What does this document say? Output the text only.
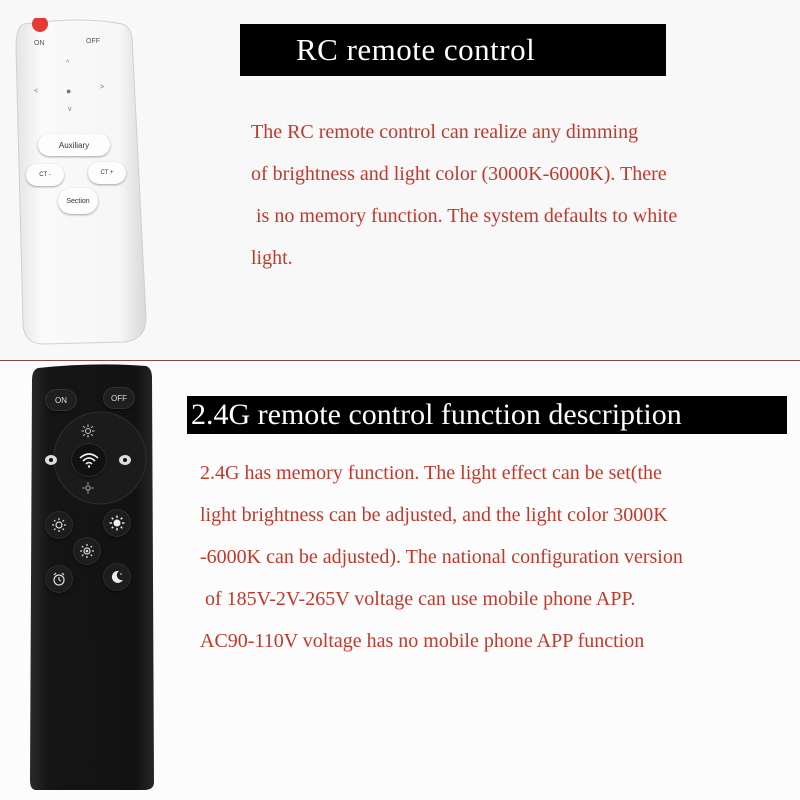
ON	OFF
^
<
>
●
v
Auxiliary
CT -	CT +
Section
RC remote control

The RC remote control can realize any dimming
of brightness and light color (3000K-6000K). There
is no memory function. The system defaults to white
light.

ON	OFF 2.4G remote control function description

2.4G has memory function. The light effect can be set(the
light brightness can be adjusted, and the light color 3000K
-6000K can be adjusted). The national configuration version
of 185V-2V-265V voltage can use mobile phone APP.
AC90-110V voltage has no mobile phone APP function
